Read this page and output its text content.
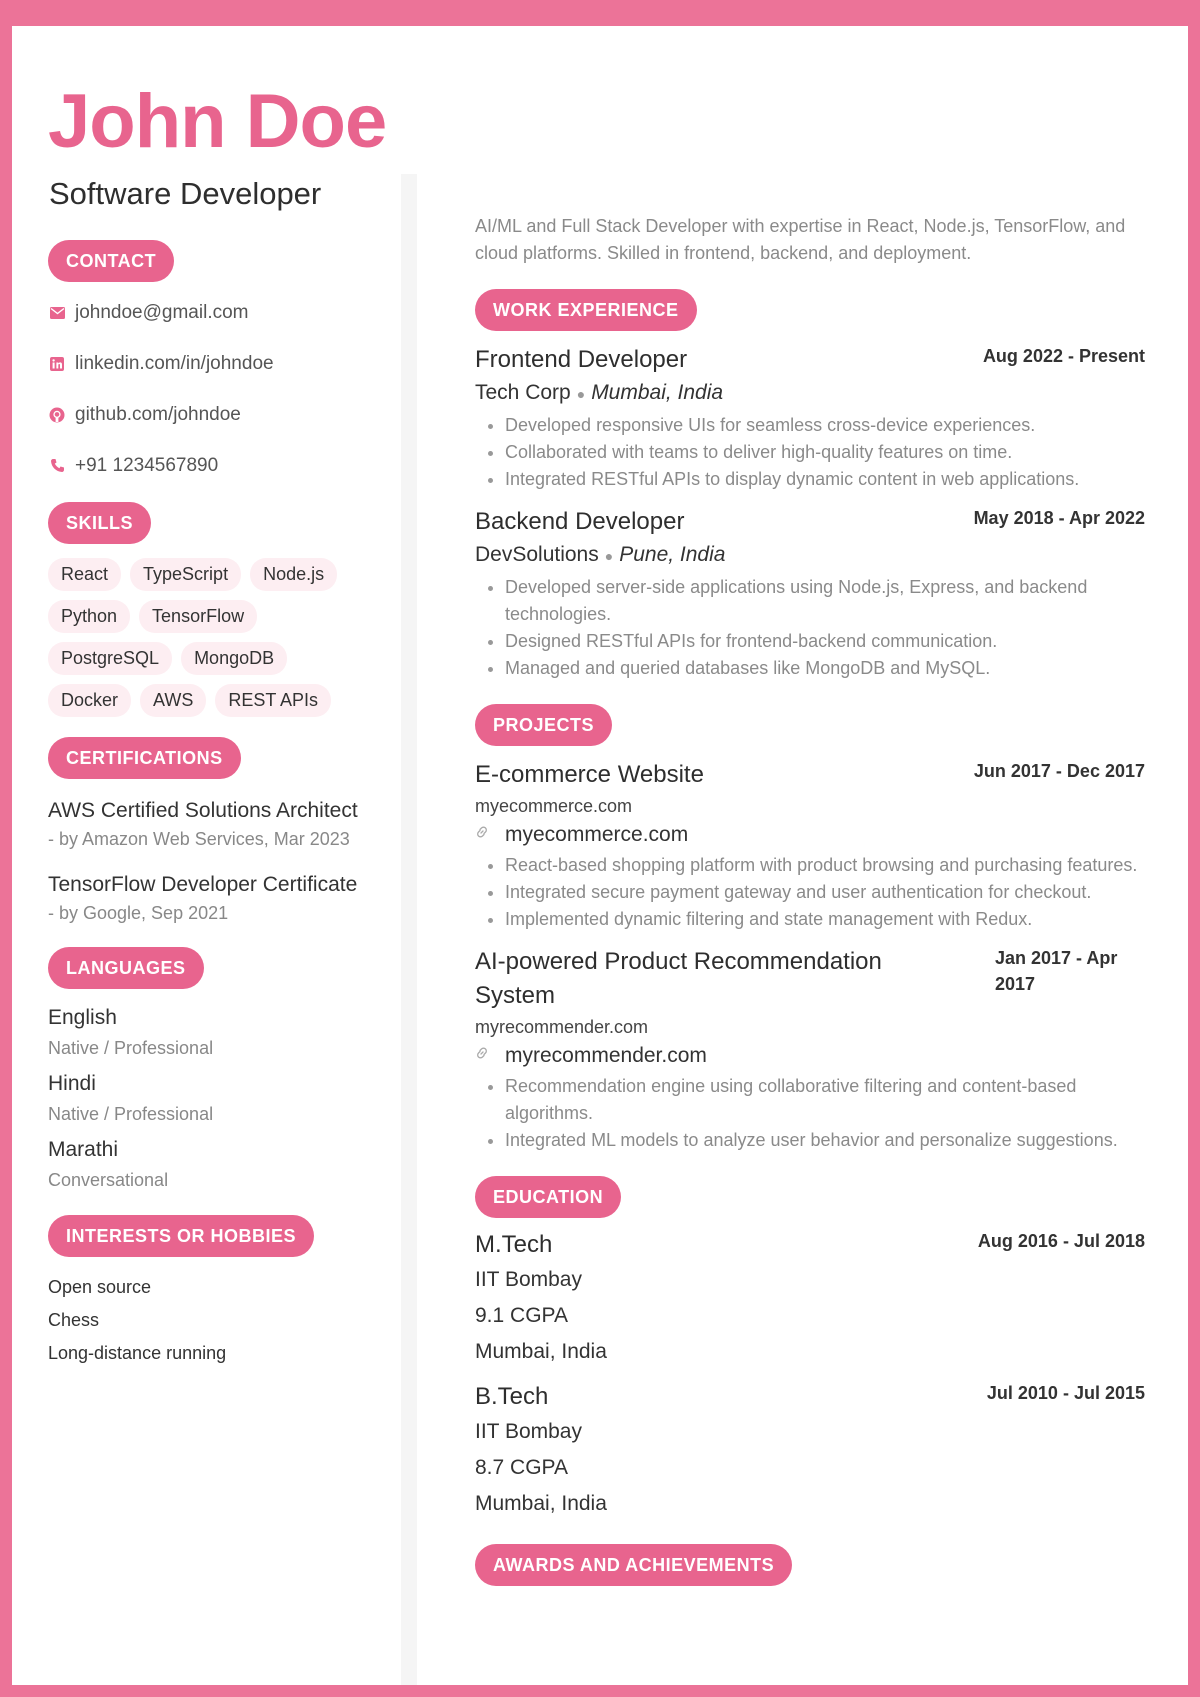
John Doe
Software Developer
CONTACT
johndoe@gmail.com
linkedin.com/in/johndoe
github.com/johndoe
+91 1234567890
SKILLS
React	TypeScript	Node.js
Python	TensorFlow
PostgreSQL	MongoDB
Docker	AWS	REST APIs
CERTIFICATIONS
AWS Certified Solutions Architect
- by Amazon Web Services, Mar 2023
TensorFlow Developer Certificate
- by Google, Sep 2021
LANGUAGES
English
Native / Professional
Hindi
Native / Professional
Marathi
Conversational
INTERESTS OR HOBBIES
Open source
Chess
Long-distance running
AI/ML and Full Stack Developer with expertise in React, Node.js, TensorFlow, and cloud platforms. Skilled in frontend, backend, and deployment.
WORK EXPERIENCE
Frontend Developer	Aug 2022 - Present
Tech Corp ● Mumbai, India
• Developed responsive UIs for seamless cross-device experiences.
• Collaborated with teams to deliver high-quality features on time.
• Integrated RESTful APIs to display dynamic content in web applications.
Backend Developer	May 2018 - Apr 2022
DevSolutions ● Pune, India
• Developed server-side applications using Node.js, Express, and backend technologies.
• Designed RESTful APIs for frontend-backend communication.
• Managed and queried databases like MongoDB and MySQL.
PROJECTS
E-commerce Website	Jun 2017 - Dec 2017
myecommerce.com
myecommerce.com
• React-based shopping platform with product browsing and purchasing features.
• Integrated secure payment gateway and user authentication for checkout.
• Implemented dynamic filtering and state management with Redux.
AI-powered Product Recommendation System
Jan 2017 - Apr 2017
myrecommender.com
myrecommender.com
• Recommendation engine using collaborative filtering and content-based algorithms.
• Integrated ML models to analyze user behavior and personalize suggestions.
EDUCATION
M.Tech	Aug 2016 - Jul 2018
IIT Bombay
9.1 CGPA
Mumbai, India
B.Tech	Jul 2010 - Jul 2015
IIT Bombay
8.7 CGPA
Mumbai, India
AWARDS AND ACHIEVEMENTS
